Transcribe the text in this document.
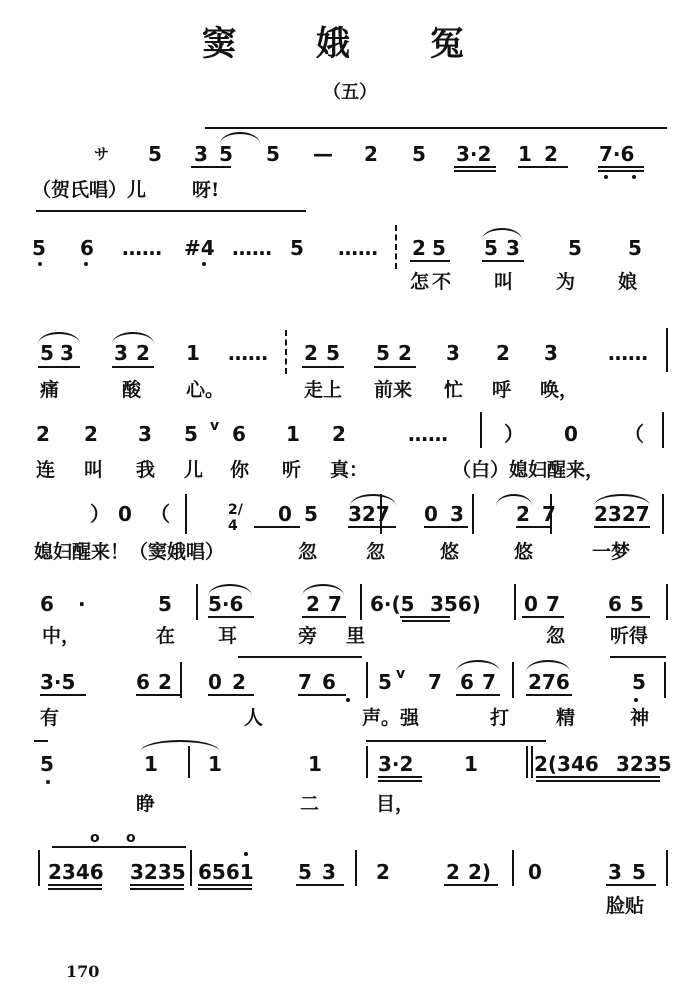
窦 娥 冤
（五）
サ 5 3 5 5 — 2 5 3·2 1 2 7·6
（贺氏唱）儿 呀!
5 6 …… #4 …… 5 …… 2 5 5 3 5 5
怎 不 叫 为 娘
5 3 3 2 1 …… 2 5 5 2 3 2 3	……
痛	酸 心。	走上 前来 忙 呼 唤，
2 2 3 5 6 1 2	……	） 0 （
v
连 叫 我 儿 你 听 真：	（白）媳妇醒来，
） 0 （	2/4 0 5 327 0 3	2 7 2327
媳妇醒来！（窦娥唱）	忽	忽	悠	悠	一梦
6 ·	5 5·6	2 7 6·(5 356) 0 7 6 5
中，	在 耳	旁 里	忽 听得
3·5	6 2 0 2	7 6 5 7 6 7 276	5
v
有	人	声。强	打 精	神
5	1	1	1	3·2	1	2(346 3235
睁	二	目，
o o
2346 3235 6561 5 3 2	2 2) 0	3 5
脸贴
170
